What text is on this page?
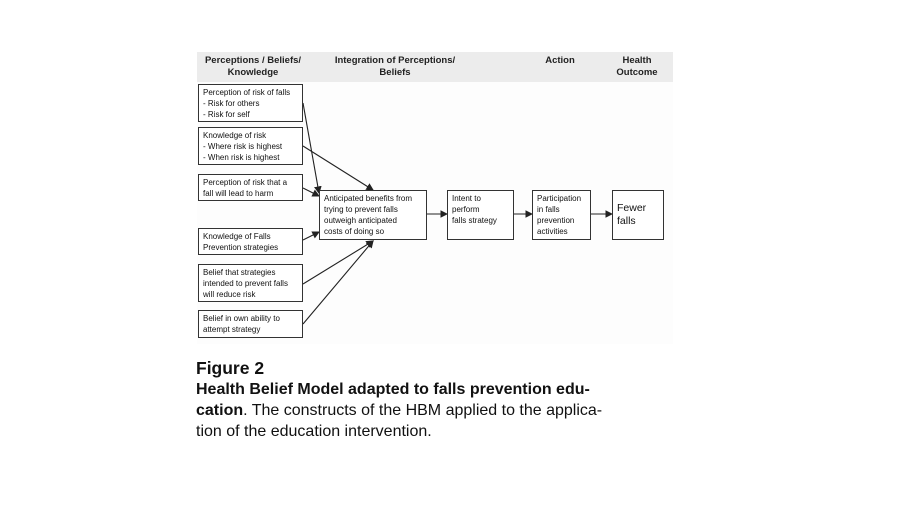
Perceptions / Beliefs/
Knowledge
Integration of Perceptions/
Beliefs
Action	Health
Outcome
Perception of risk of falls
- Risk for others
- Risk for self
Knowledge of risk
- Where risk is highest
- When risk is highest
Perception of risk that a
fall will lead to harm
Knowledge of Falls
Prevention strategies
Belief that strategies
intended to prevent falls
will reduce risk
Belief in own ability to
attempt strategy
Anticipated benefits from
trying to prevent falls
outweigh anticipated
costs of doing so
Intent to
perform
falls strategy
Participation
in falls
prevention
activities
Fewer
falls
Figure 2
Health Belief Model adapted to falls prevention edu-
cation. The constructs of the HBM applied to the applica-
tion of the education intervention.
